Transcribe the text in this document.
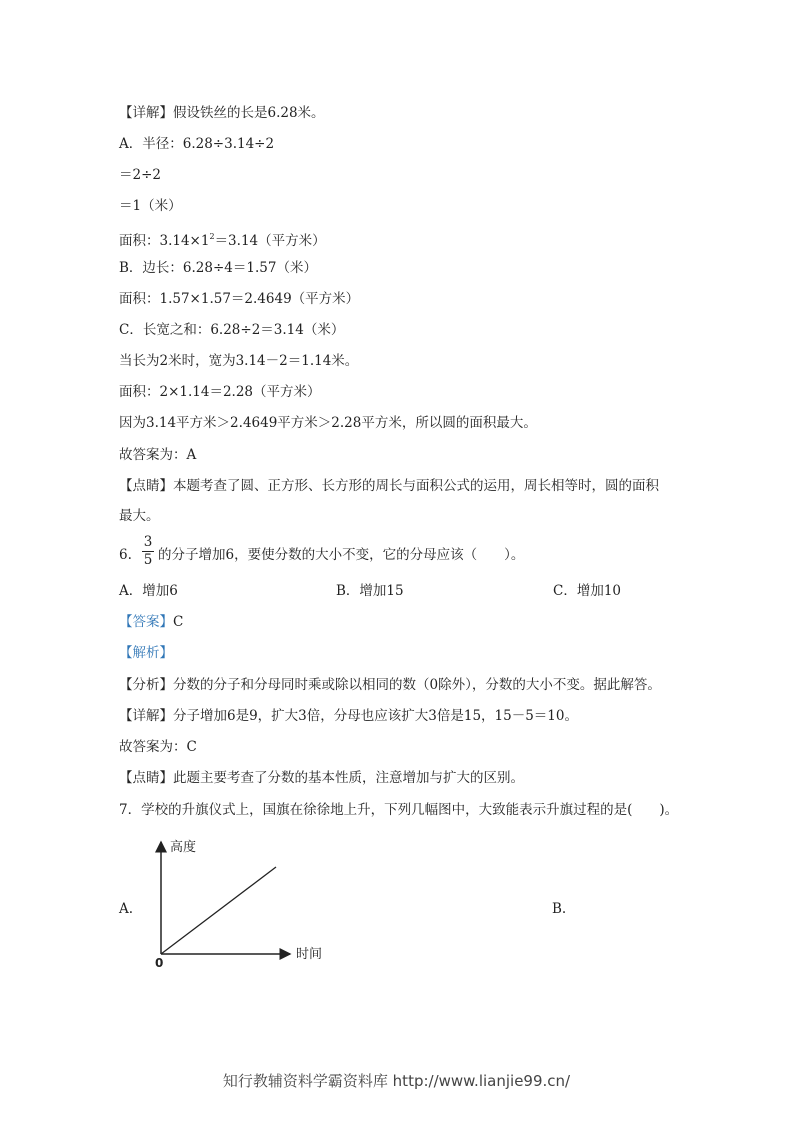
【详解】假设铁丝的长是6.28米。
A．半径：6.28÷3.14÷2
＝2÷2
＝1（米）
面积：$3.14\times 1^2=3.14$（平方米）
B．边长：6.28÷4＝1.57（米）
面积：1.57×1.57＝2.4649（平方米）
C．长宽之和：6.28÷2＝3.14（米）
当长为2米时，宽为3.14－2＝1.14米。
面积：2×1.14＝2.28（平方米）
因为3.14平方米＞2.4649平方米＞2.28平方米，所以圆的面积最大。
故答案为：A
【点睛】本题考查了圆、正方形、长方形的周长与面积公式的运用，周长相等时，圆的面积
最大。
6.
3
5 的分子增加6，要使分数的大小不变，它的分母应该（　　）。
A．增加6	B．增加15	C．增加10
【答案】C
【解析】
【分析】分数的分子和分母同时乘或除以相同的数（0除外），分数的大小不变。据此解答。
【详解】分子增加6是9，扩大3倍，分母也应该扩大3倍是15，15－5＝10。
故答案为：C
【点睛】此题主要考查了分数的基本性质，注意增加与扩大的区别。
7．学校的升旗仪式上，国旗在徐徐地上升，下列几幅图中，大致能表示升旗过程的是(　　)。
A.	B.
高度
时间
0
知行教辅资料学霸资料库 http://www.lianjie99.cn/
